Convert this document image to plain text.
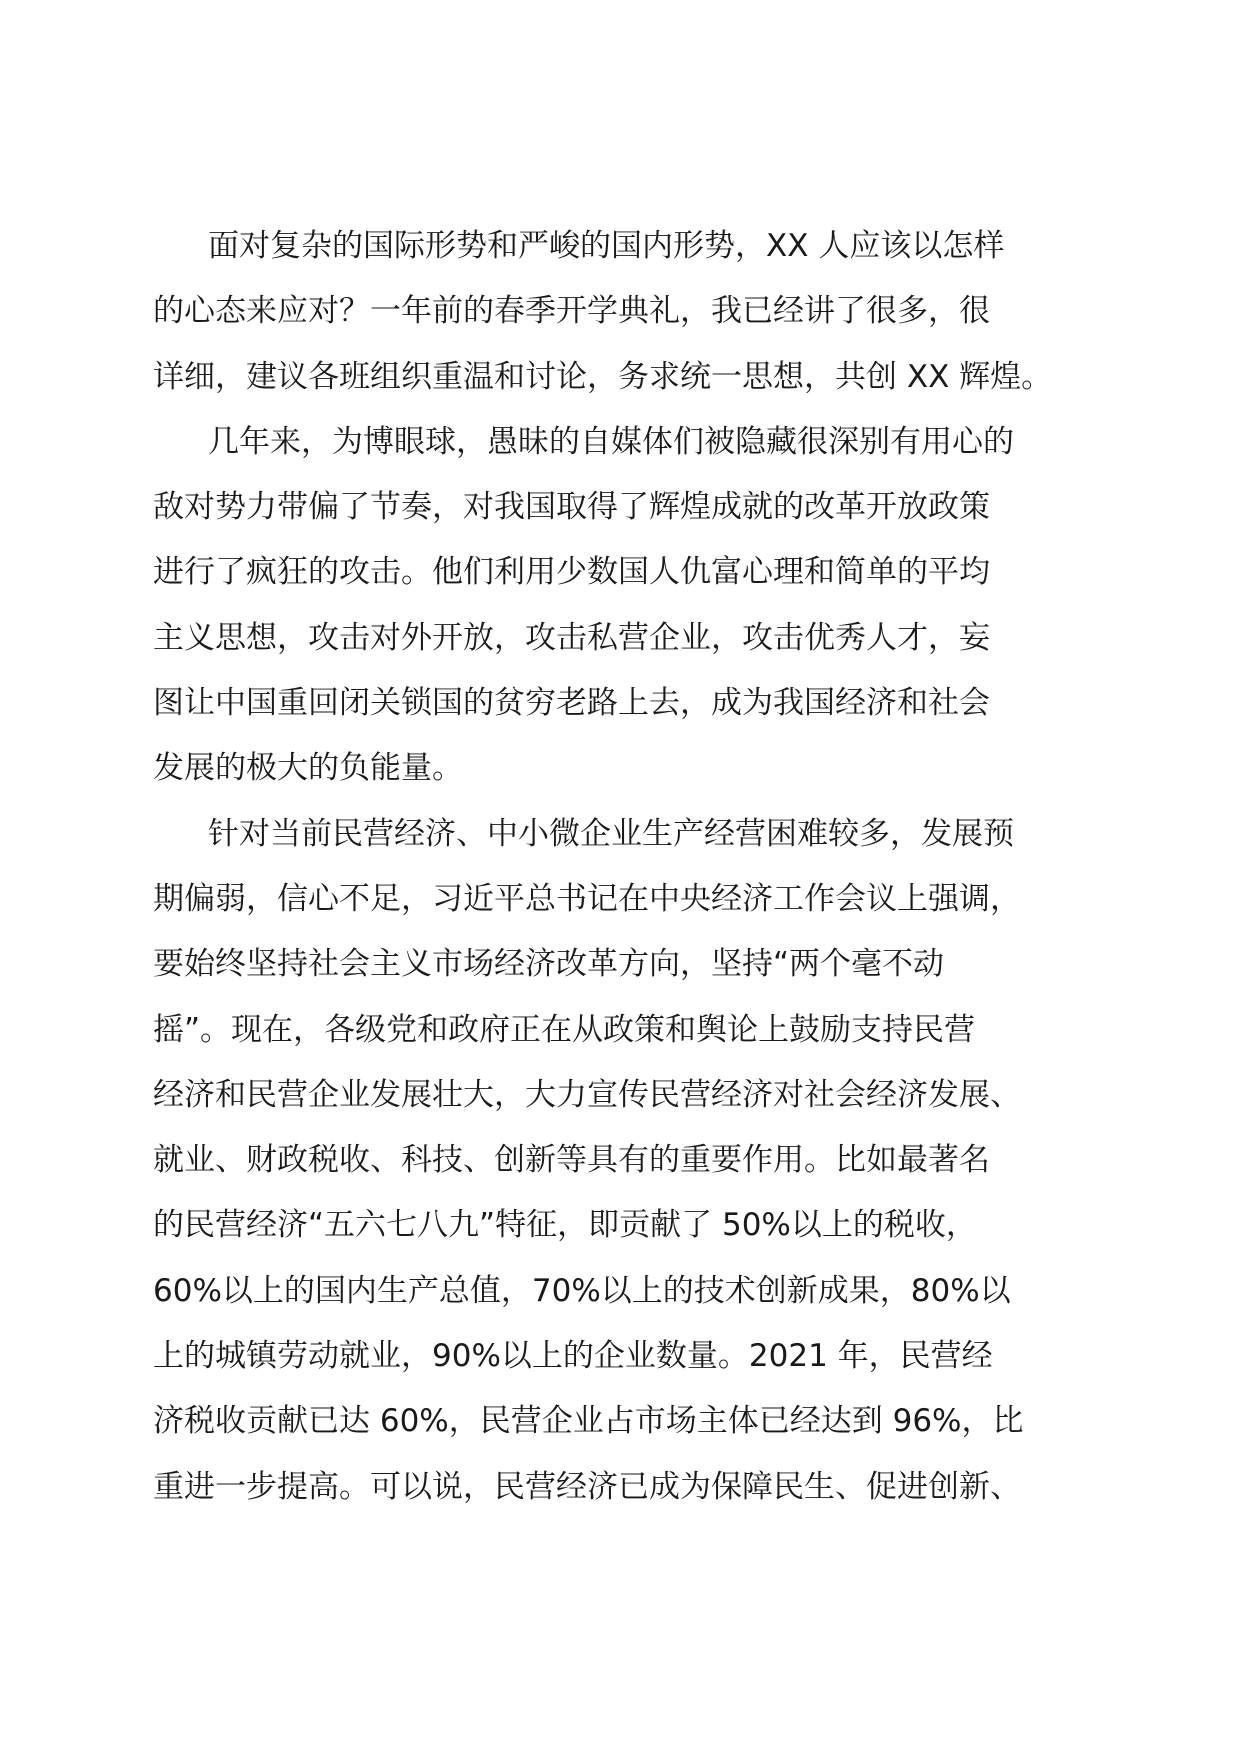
面对复杂的国际形势和严峻的国内形势，XX 人应该以怎样
的心态来应对？一年前的春季开学典礼，我已经讲了很多，很
详细，建议各班组织重温和讨论，务求统一思想，共创 XX 辉煌。
几年来，为博眼球，愚昧的自媒体们被隐藏很深别有用心的
敌对势力带偏了节奏，对我国取得了辉煌成就的改革开放政策
进行了疯狂的攻击。他们利用少数国人仇富心理和简单的平均
主义思想，攻击对外开放，攻击私营企业，攻击优秀人才，妄
图让中国重回闭关锁国的贫穷老路上去，成为我国经济和社会
发展的极大的负能量。
针对当前民营经济、中小微企业生产经营困难较多，发展预
期偏弱，信心不足，习近平总书记在中央经济工作会议上强调，
要始终坚持社会主义市场经济改革方向，坚持“两个毫不动
摇”。现在，各级党和政府正在从政策和舆论上鼓励支持民营
经济和民营企业发展壮大，大力宣传民营经济对社会经济发展、
就业、财政税收、科技、创新等具有的重要作用。比如最著名
的民营经济“五六七八九”特征，即贡献了 50%以上的税收，
60%以上的国内生产总值，70%以上的技术创新成果，80%以
上的城镇劳动就业，90%以上的企业数量。2021 年，民营经
济税收贡献已达 60%，民营企业占市场主体已经达到 96%，比
重进一步提高。可以说，民营经济已成为保障民生、促进创新、
